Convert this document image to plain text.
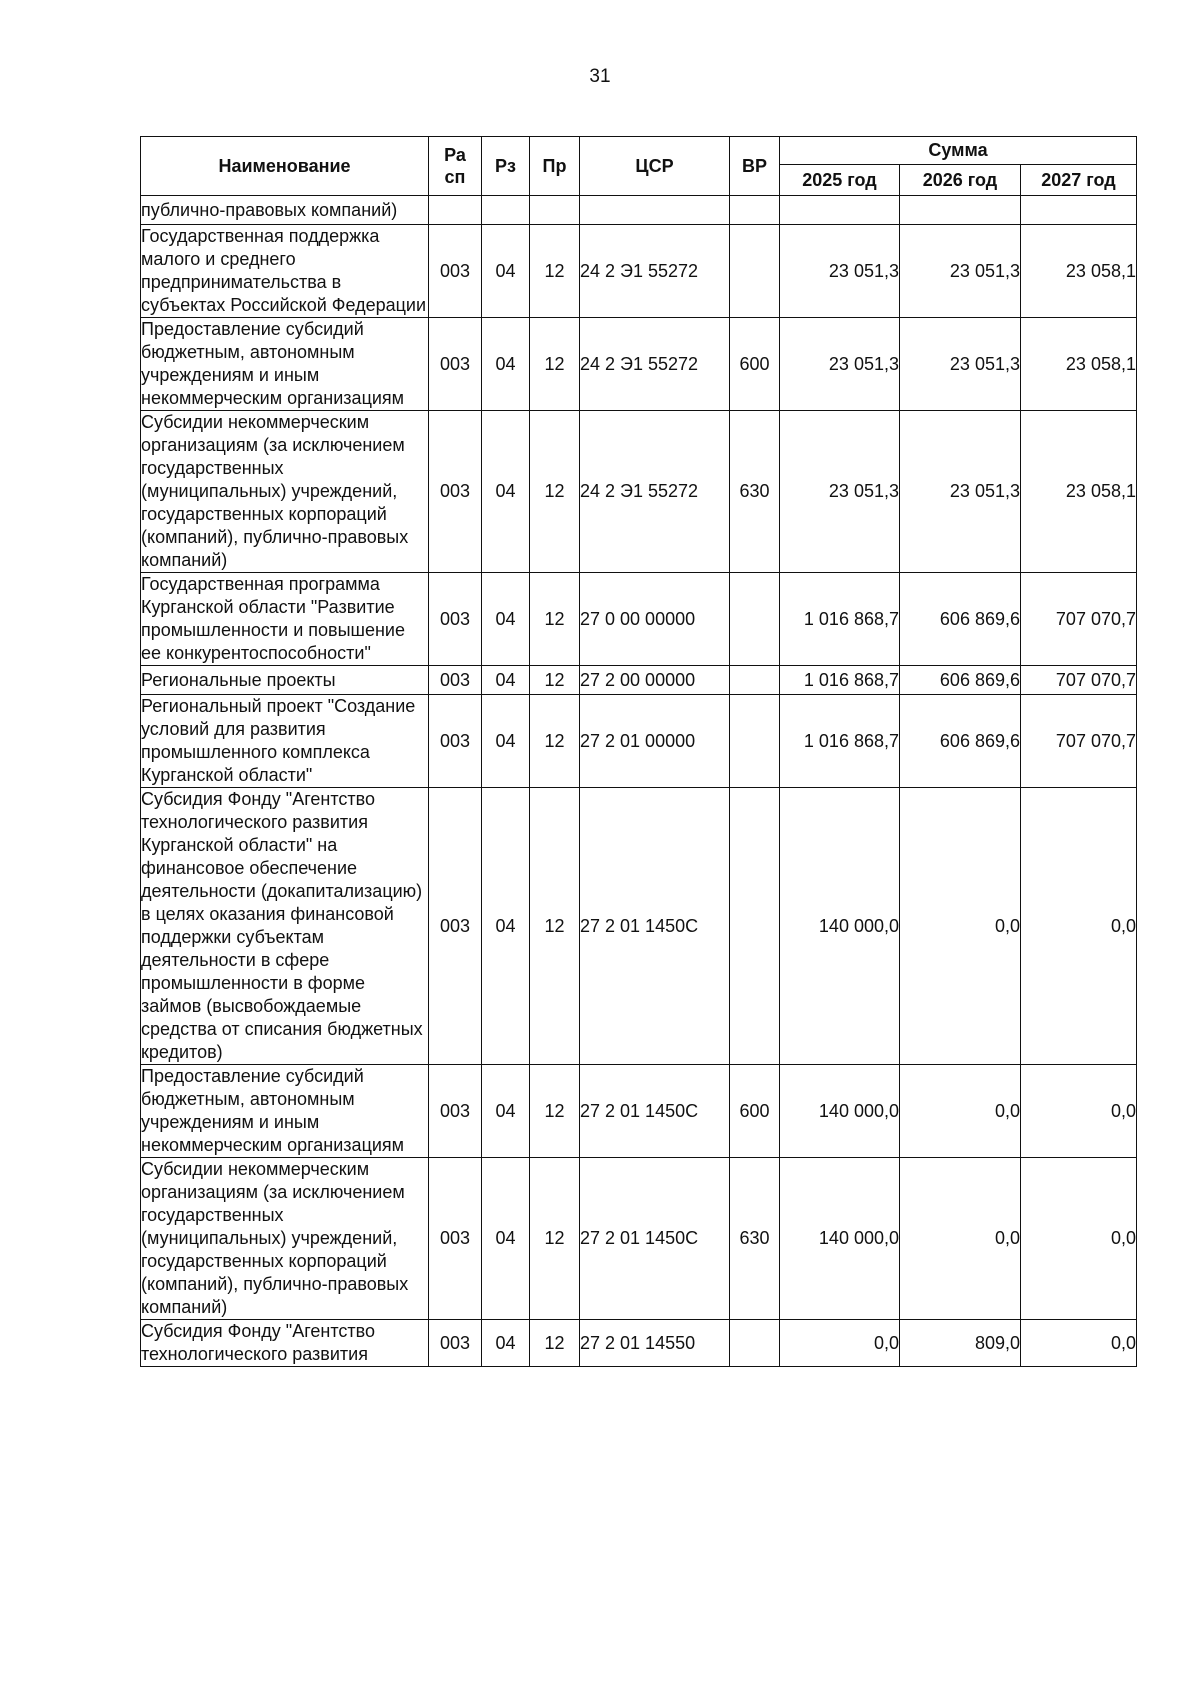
31
Наименование	Ра сп	Рз	Пр	ЦСР	ВР	Сумма		
						2025 год	2026 год	2027 год
публично-правовых компаний)								
Государственная поддержка малого и среднего предпринимательства в субъектах Российской Федерации	003	04	12	24 2 Э1 55272		23 051,3	23 051,3	23 058,1
Предоставление субсидий бюджетным, автономным учреждениям и иным некоммерческим организациям	003	04	12	24 2 Э1 55272	600	23 051,3	23 051,3	23 058,1
Субсидии некоммерческим организациям (за исключением государственных (муниципальных) учреждений, государственных корпораций (компаний), публично-правовых компаний)	003	04	12	24 2 Э1 55272	630	23 051,3	23 051,3	23 058,1
Государственная программа Курганской области "Развитие промышленности и повышение ее конкурентоспособности"	003	04	12	27 0 00 00000		1 016 868,7	606 869,6	707 070,7
Региональные проекты	003	04	12	27 2 00 00000		1 016 868,7	606 869,6	707 070,7
Региональный проект "Создание условий для развития промышленного комплекса Курганской области"	003	04	12	27 2 01 00000		1 016 868,7	606 869,6	707 070,7
Субсидия Фонду "Агентство технологического развития Курганской области" на финансовое обеспечение деятельности (докапитализацию) в целях оказания финансовой поддержки субъектам деятельности в сфере промышленности в форме займов (высвобождаемые средства от списания бюджетных кредитов)	003	04	12	27 2 01 1450С		140 000,0	0,0	0,0
Предоставление субсидий бюджетным, автономным учреждениям и иным некоммерческим организациям	003	04	12	27 2 01 1450С	600	140 000,0	0,0	0,0
Субсидии некоммерческим организациям (за исключением государственных (муниципальных) учреждений, государственных корпораций (компаний), публично-правовых компаний)	003	04	12	27 2 01 1450С	630	140 000,0	0,0	0,0
Субсидия Фонду "Агентство технологического развития	003	04	12	27 2 01 14550		0,0	809,0	0,0
